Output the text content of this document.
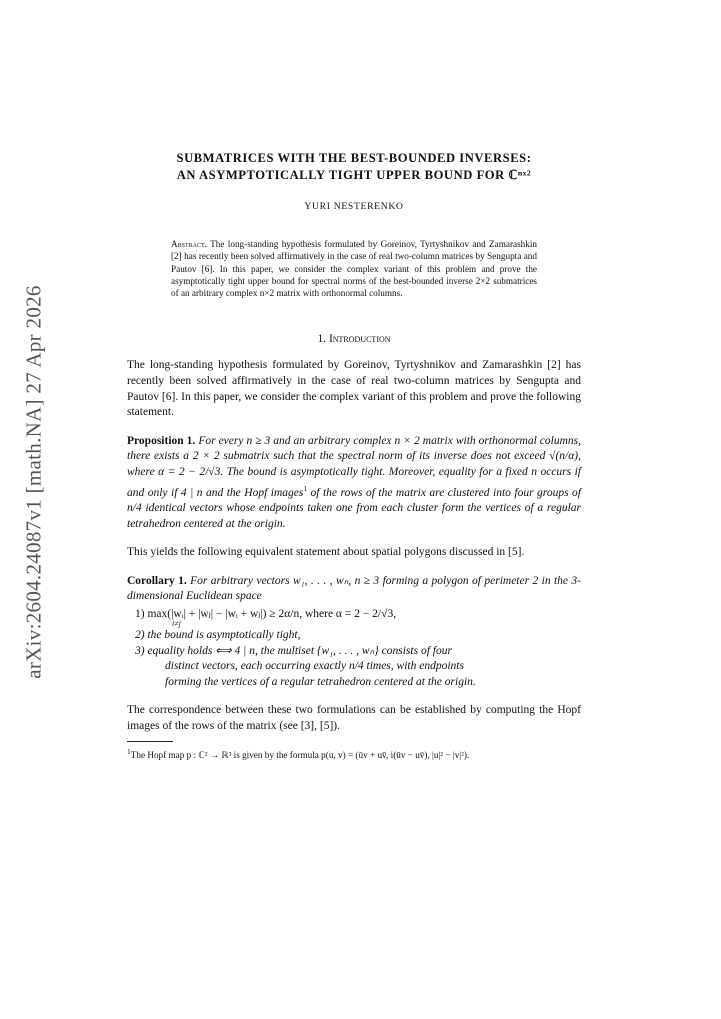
arXiv:2604.24087v1 [math.NA] 27 Apr 2026
SUBMATRICES WITH THE BEST-BOUNDED INVERSES:
AN ASYMPTOTICALLY TIGHT UPPER BOUND FOR ℂⁿˣ²
YURI NESTERENKO
Abstract. The long-standing hypothesis formulated by Goreinov, Tyrtyshnikov and Zamarashkin [2] has recently been solved affirmatively in the case of real two-column matrices by Sengupta and Pautov [6]. In this paper, we consider the complex variant of this problem and prove the asymptotically tight upper bound for spectral norms of the best-bounded inverse 2×2 submatrices of an arbitrary complex n×2 matrix with orthonormal columns.
1. Introduction
The long-standing hypothesis formulated by Goreinov, Tyrtyshnikov and Zamarashkin [2] has recently been solved affirmatively in the case of real two-column matrices by Sengupta and Pautov [6]. In this paper, we consider the complex variant of this problem and prove the following statement.
Proposition 1. For every n ≥ 3 and an arbitrary complex n × 2 matrix with orthonormal columns, there exists a 2 × 2 submatrix such that the spectral norm of its inverse does not exceed √(n/α), where α = 2 − 2/√3. The bound is asymptotically tight. Moreover, equality for a fixed n occurs if and only if 4 | n and the Hopf images$^1$ of the rows of the matrix are clustered into four groups of n/4 identical vectors whose endpoints taken one from each cluster form the vertices of a regular tetrahedron centered at the origin.
This yields the following equivalent statement about spatial polygons discussed in [5].
Corollary 1. For arbitrary vectors w₁, . . . , wₙ, n ≥ 3 forming a polygon of perimeter 2 in the 3-dimensional Euclidean space
1) max(|wᵢ| + |wⱼ| − |wᵢ + wⱼ|) ≥ 2α/n, where α = 2 − 2/√3,
i≠j
2) the bound is asymptotically tight,
3) equality holds ⟺ 4 | n, the multiset {w₁, . . . , wₙ} consists of four
distinct vectors, each occurring exactly n/4 times, with endpoints
forming the vertices of a regular tetrahedron centered at the origin.
The correspondence between these two formulations can be established by computing the Hopf images of the rows of the matrix (see [3], [5]).
$^1$The Hopf map p : ℂ² → ℝ³ is given by the formula p(u, v) = (ūv + uv̄, i(ūv − uv̄), |u|² − |v|²).
